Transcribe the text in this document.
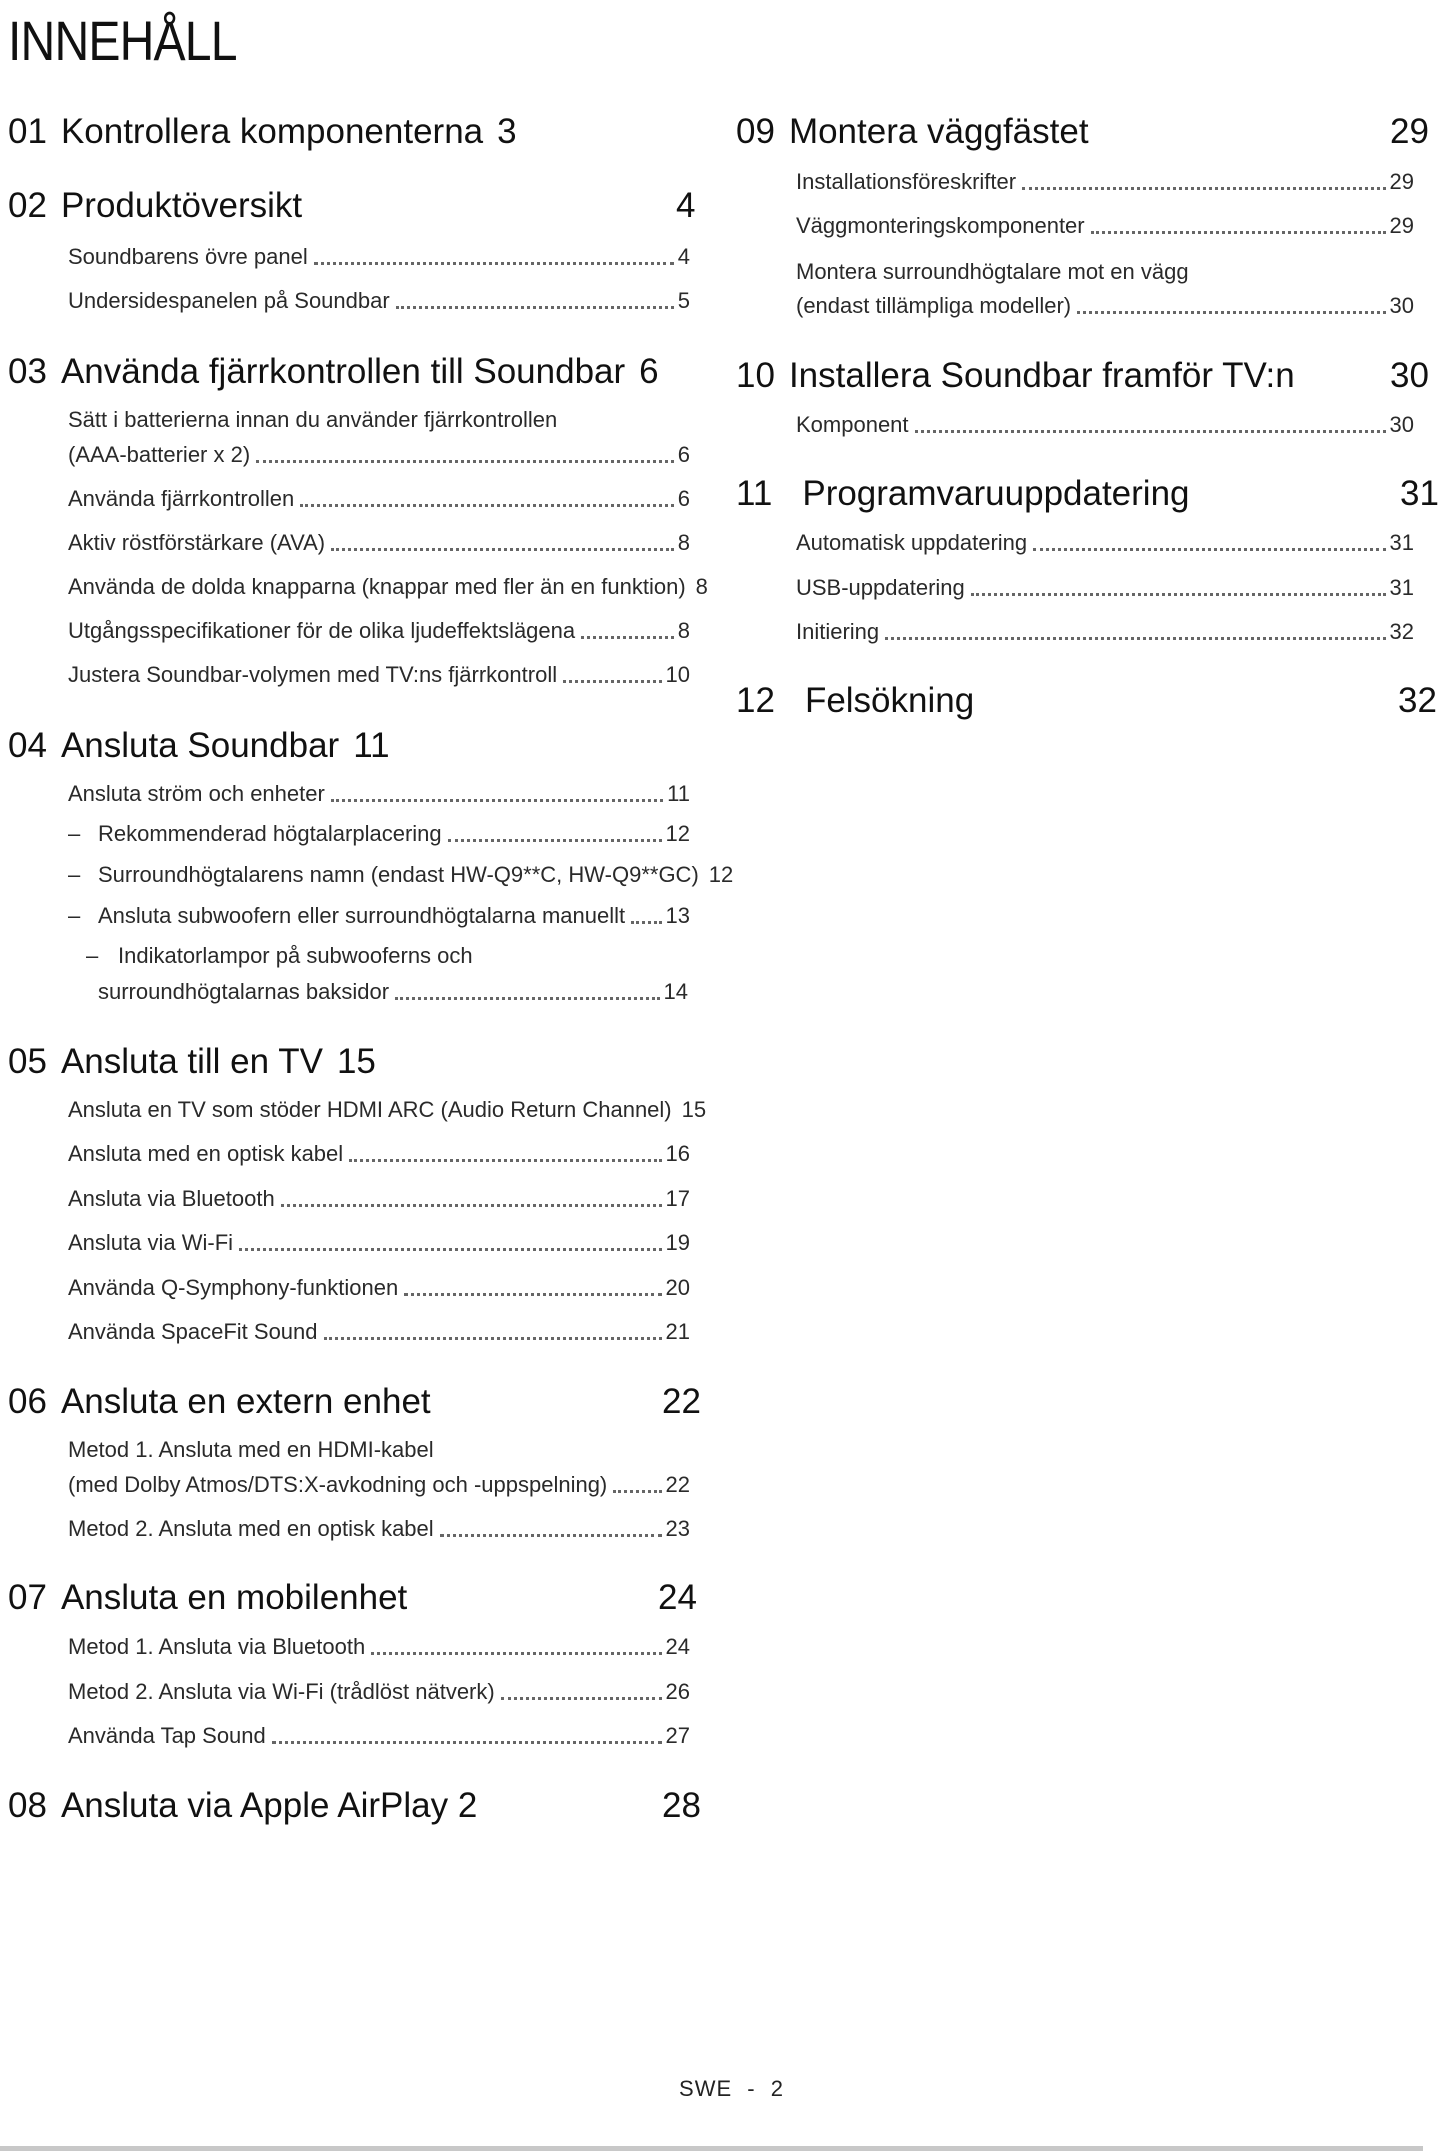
INNEHÅLL
01 Kontrollera komponenterna 3
02 Produktöversikt	4
Soundbarens övre panel	4
Undersidespanelen på Soundbar	5
03 Använda fjärrkontrollen till Soundbar 6
Sätt i batterierna innan du använder fjärrkontrollen
(AAA-batterier x 2)	6
Använda fjärrkontrollen	6
Aktiv röstförstärkare (AVA)	8
Använda de dolda knapparna (knappar med fler än en funktion) 8
Utgångsspecifikationer för de olika ljudeffektslägena	8
Justera Soundbar-volymen med TV:ns fjärrkontroll	10
04 Ansluta Soundbar 11
Ansluta ström och enheter	11
– Rekommenderad högtalarplacering	12
– Surroundhögtalarens namn (endast HW-Q9**C, HW-Q9**GC) 12
– Ansluta subwoofern eller surroundhögtalarna manuellt 13
– Indikatorlampor på subwooferns och
surroundhögtalarnas baksidor	14
05 Ansluta till en TV 15
Ansluta en TV som stöder HDMI ARC (Audio Return Channel) 15
Ansluta med en optisk kabel	16
Ansluta via Bluetooth	17
Ansluta via Wi-Fi	19
Använda Q-Symphony-funktionen	20
Använda SpaceFit Sound	21
06 Ansluta en extern enhet	22
Metod 1. Ansluta med en HDMI-kabel
(med Dolby Atmos/DTS:X-avkodning och -uppspelning)	22
Metod 2. Ansluta med en optisk kabel	23
07 Ansluta en mobilenhet	24
Metod 1. Ansluta via Bluetooth	24
Metod 2. Ansluta via Wi-Fi (trådlöst nätverk)	26
Använda Tap Sound	27
08 Ansluta via Apple AirPlay 2	28
09 Montera väggfästet	29
Installationsföreskrifter	29
Väggmonteringskomponenter	29
Montera surroundhögtalare mot en vägg
(endast tillämpliga modeller)	30
10 Installera Soundbar framför TV:n	30
Komponent	30
11 Programvaruuppdatering	31
Automatisk uppdatering	31
USB-uppdatering	31
Initiering	32
12 Felsökning	32
SWE - 2
